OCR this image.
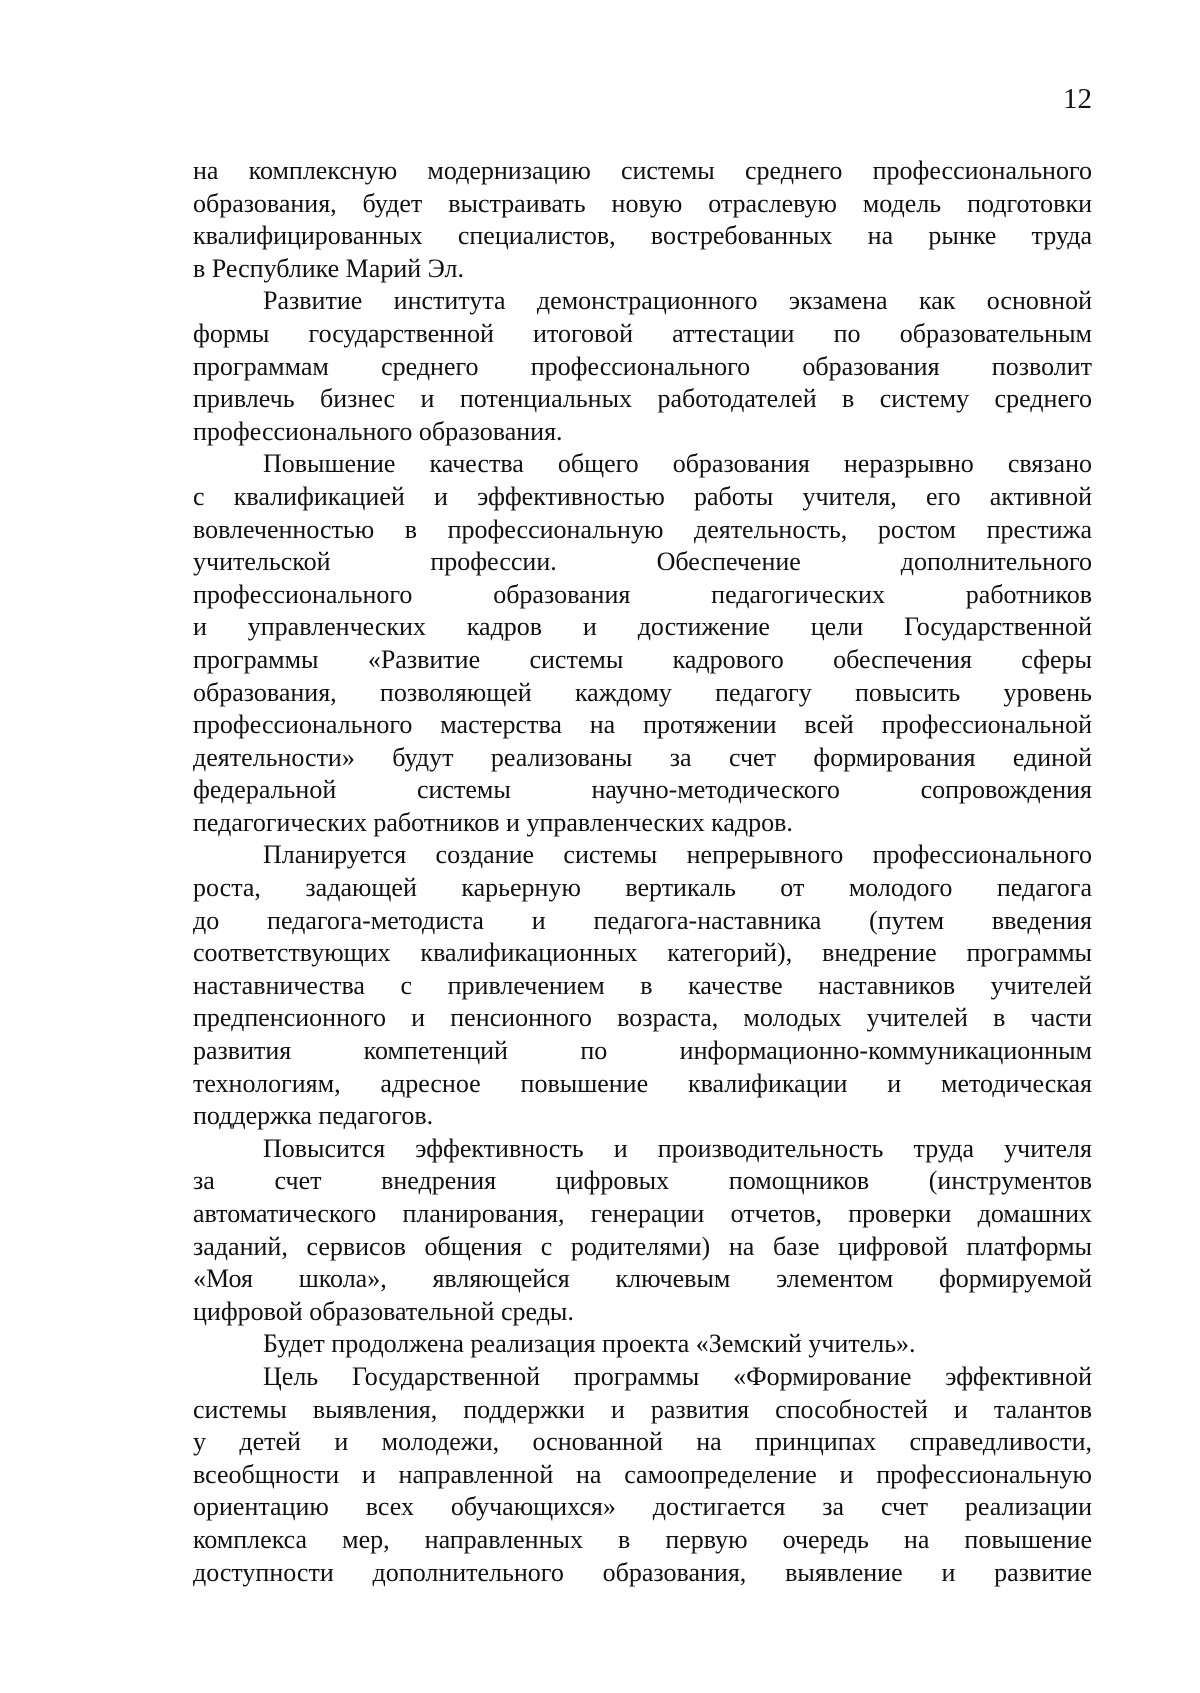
12
на комплексную модернизацию системы среднего профессионального
образования, будет выстраивать новую отраслевую модель подготовки
квалифицированных специалистов, востребованных на рынке труда
в Республике Марий Эл.
Развитие института демонстрационного экзамена как основной
формы государственной итоговой аттестации по образовательным
программам среднего профессионального образования позволит
привлечь бизнес и потенциальных работодателей в систему среднего
профессионального образования.
Повышение качества общего образования неразрывно связано
с квалификацией и эффективностью работы учителя, его активной
вовлеченностью в профессиональную деятельность, ростом престижа
учительской профессии. Обеспечение дополнительного
профессионального образования педагогических работников
и управленческих кадров и достижение цели Государственной
программы «Развитие системы кадрового обеспечения сферы
образования, позволяющей каждому педагогу повысить уровень
профессионального мастерства на протяжении всей профессиональной
деятельности» будут реализованы за счет формирования единой
федеральной системы научно-методического сопровождения
педагогических работников и управленческих кадров.
Планируется создание системы непрерывного профессионального
роста, задающей карьерную вертикаль от молодого педагога
до педагога-методиста и педагога-наставника (путем введения
соответствующих квалификационных категорий), внедрение программы
наставничества с привлечением в качестве наставников учителей
предпенсионного и пенсионного возраста, молодых учителей в части
развития компетенций по информационно-коммуникационным
технологиям, адресное повышение квалификации и методическая
поддержка педагогов.
Повысится эффективность и производительность труда учителя
за счет внедрения цифровых помощников (инструментов
автоматического планирования, генерации отчетов, проверки домашних
заданий, сервисов общения с родителями) на базе цифровой платформы
«Моя школа», являющейся ключевым элементом формируемой
цифровой образовательной среды.
Будет продолжена реализация проекта «Земский учитель».
Цель Государственной программы «Формирование эффективной
системы выявления, поддержки и развития способностей и талантов
у детей и молодежи, основанной на принципах справедливости,
всеобщности и направленной на самоопределение и профессиональную
ориентацию всех обучающихся» достигается за счет реализации
комплекса мер, направленных в первую очередь на повышение
доступности дополнительного образования, выявление и развитие
